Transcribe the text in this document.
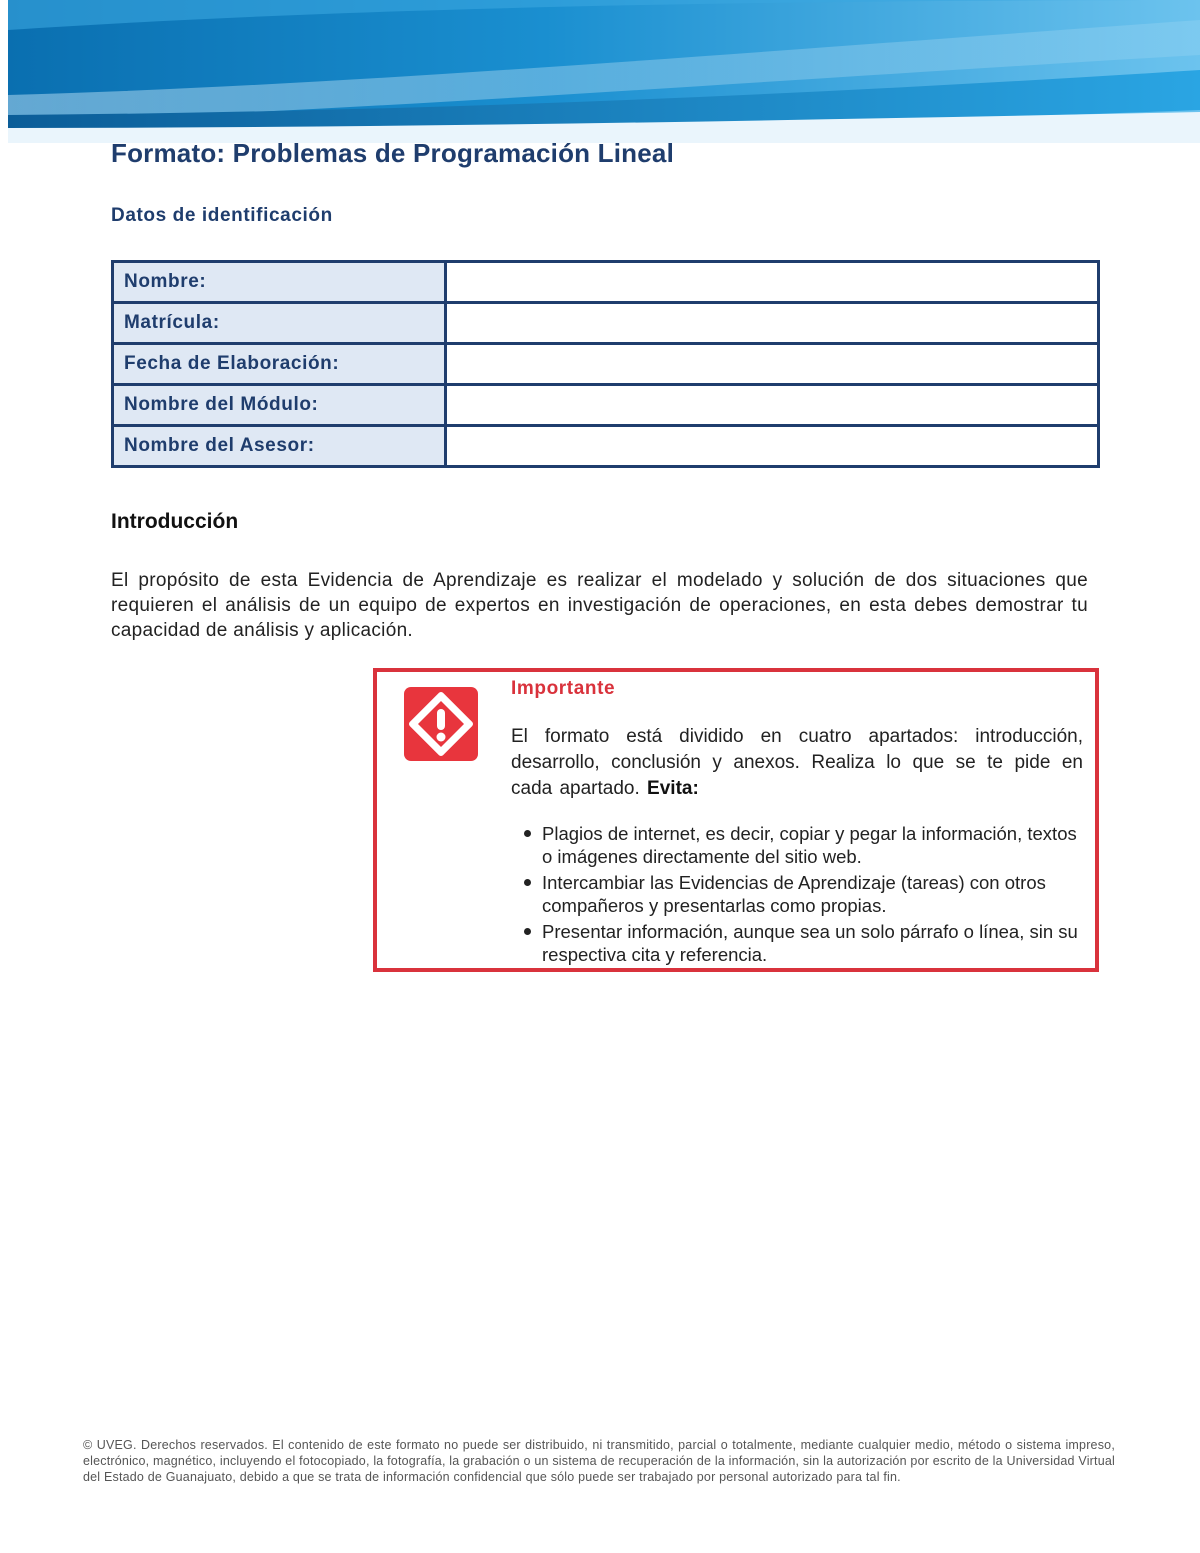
Formato: Problemas de Programación Lineal
Datos de identificación
Nombre:	
Matrícula:	
Fecha de Elaboración:	
Nombre del Módulo:	
Nombre del Asesor:	
Introducción
El propósito de esta Evidencia de Aprendizaje es realizar el modelado y solución de dos situaciones que requieren el análisis de un equipo de expertos en investigación de operaciones, en esta debes demostrar tu capacidad de análisis y aplicación.
Importante
El formato está dividido en cuatro apartados: introducción, desarrollo, conclusión y anexos. Realiza lo que se te pide en cada apartado. Evita:
Plagios de internet, es decir, copiar y pegar la información, textos o imágenes directamente del sitio web.
Intercambiar las Evidencias de Aprendizaje (tareas) con otros compañeros y presentarlas como propias.
Presentar información, aunque sea un solo párrafo o línea, sin su respectiva cita y referencia.
© UVEG. Derechos reservados. El contenido de este formato no puede ser distribuido, ni transmitido, parcial o totalmente, mediante cualquier medio, método o sistema impreso, electrónico, magnético, incluyendo el fotocopiado, la fotografía, la grabación o un sistema de recuperación de la información, sin la autorización por escrito de la Universidad Virtual del Estado de Guanajuato, debido a que se trata de información confidencial que sólo puede ser trabajado por personal autorizado para tal fin.
